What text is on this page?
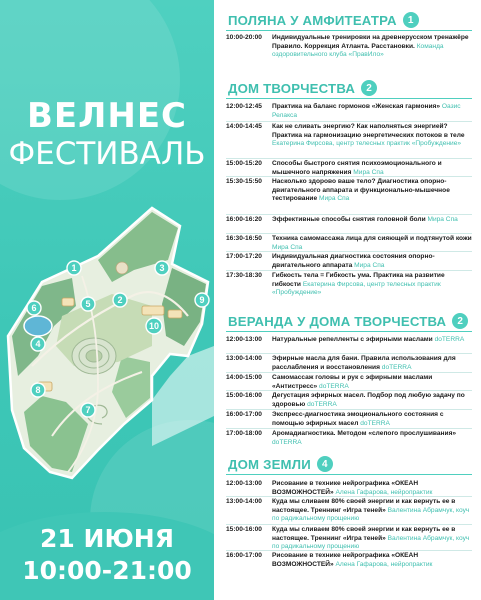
ВЕЛНЕС
ФЕСТИВАЛЬ
1
2
3
4
5
6
7
8
9
10
21 ИЮНЯ
10:00-21:00
ПОЛЯНА У АМФИТЕАТРА	1
10:00-20:00	Индивидуальные тренировки на древнерусском тренажёре Правило. Коррекция Атланта. Расстановки. Команда оздоровительного клуба «ПравИло»
ДОМ ТВОРЧЕСТВА	2
12:00-12:45	Практика на баланс гормонов «Женская гармония» Оазис Релакса
14:00-14:45	Как не сливать энергию? Как наполняться энергией? Практика на гармонизацию энергетических потоков в теле Екатерина Фирсова, центр телесных практик «Пробуждение»
15:00-15:20	Способы быстрого снятия психоэмоционального и мышечного напряжения Мира Спа
15:30-15:50	Насколько здорово ваше тело? Диагностика опорно-двигательного аппарата и функционально-мышечное тестирование Мира Спа
16:00-16:20	Эффективные способы снятия головной боли Мира Спа
16:30-16:50	Техника самомассажа лица для сияющей и подтянутой кожи Мира Спа
17:00-17:20	Индивидуальная диагностика состояния опорно-двигательного аппарата Мира Спа
17:30-18:30	Гибкость тела = Гибкость ума. Практика на развитие гибкости Екатерина Фирсова, центр телесных практик «Пробуждение»
ВЕРАНДА У ДОМА ТВОРЧЕСТВА	2
12:00-13:00	Натуральные репелленты с эфирными маслами doTERRA
13:00-14:00	Эфирные масла для бани. Правила использования для расслабления и восстановления doTERRA
14:00-15:00	Самомассаж головы и рук с эфирными маслами «Антистресс» doTERRA
15:00-16:00	Дегустация эфирных масел. Подбор под любую задачу по здоровью doTERRA
16:00-17:00	Экспресс-диагностика эмоционального состояния с помощью эфирных масел doTERRA
17:00-18:00	Аромадиагностика. Методом «слепого прослушивания» doTERRA
ДОМ ЗЕМЛИ	4
12:00-13:00	Рисование в технике нейрографика «ОКЕАН ВОЗМОЖНОСТЕЙ» Алена Гафарова, нейропрактик
13:00-14:00	Куда мы сливаем 80% своей энергии и как вернуть ее в настоящее. Треннинг «Игра теней» Валентина Абрамчук, коуч по радикальному прощению
15:00-16:00	Куда мы сливаем 80% своей энергии и как вернуть ее в настоящее. Треннинг «Игра теней» Валентина Абрамчук, коуч по радикальному прощению
16:00-17:00	Рисование в технике нейрографика «ОКЕАН ВОЗМОЖНОСТЕЙ» Алена Гафарова, нейропрактик
